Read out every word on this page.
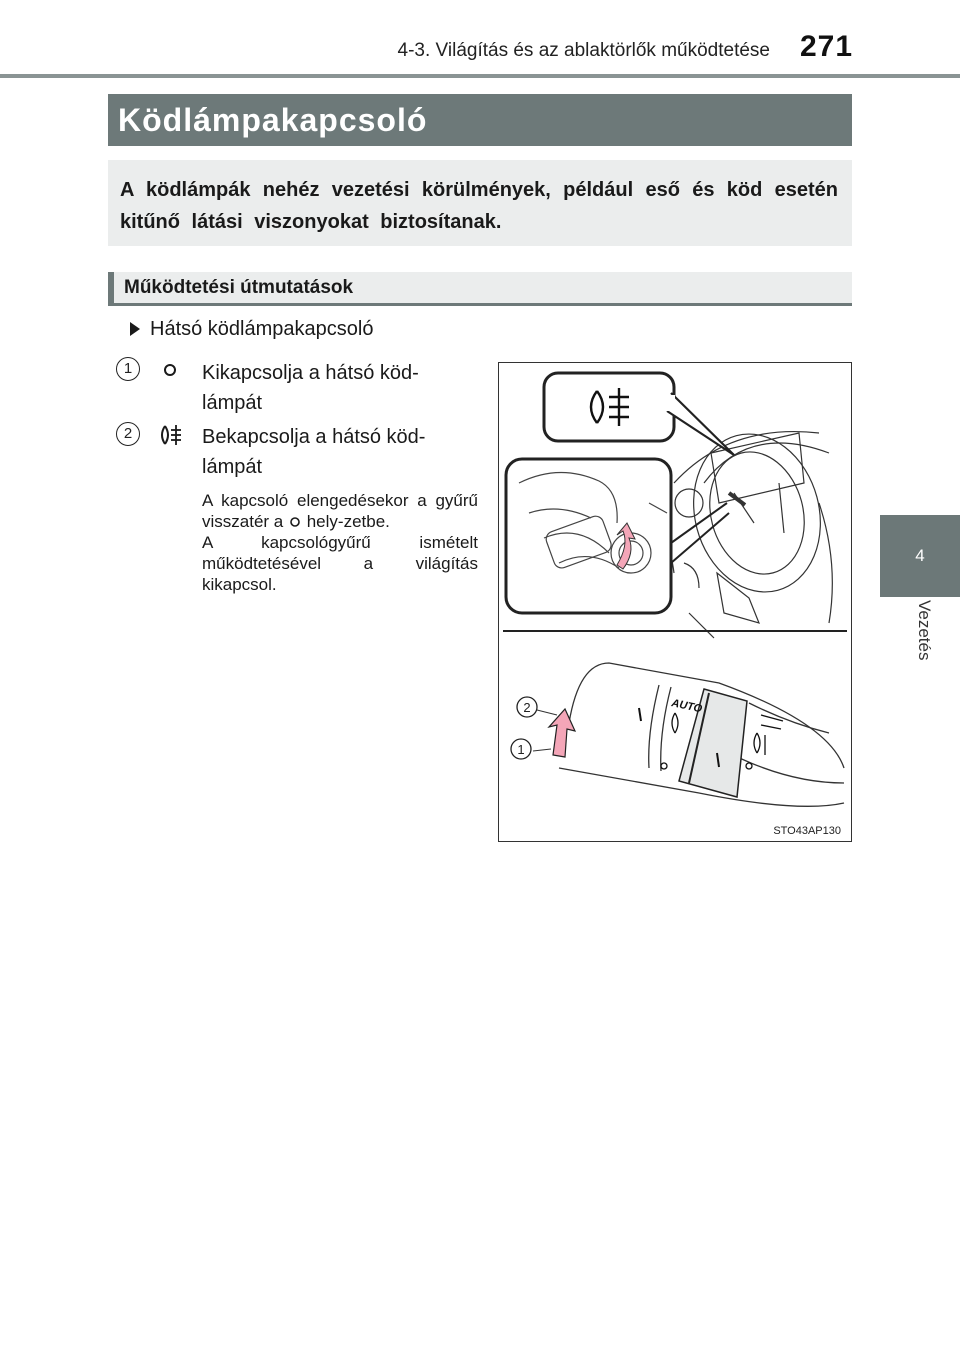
4-3. Világítás és az ablaktörlők működtetése 271
4
Vezetés
Ködlámpakapcsoló
A ködlámpák nehéz vezetési körülmények, például eső és köd esetén kitűnő látási viszonyokat biztosítanak.
Működtetési útmutatások
Hátsó ködlámpakapcsoló
1	Kikapcsolja a hátsó köd-
lámpát
2	Bekapcsolja a hátsó köd-
lámpát

A kapcsoló elengedésekor a gyűrű visszatér a hely-zetbe.

A kapcsológyűrű ismételt működtetésével a világítás kikapcsol.

AUTO
2
1
STO43AP130
